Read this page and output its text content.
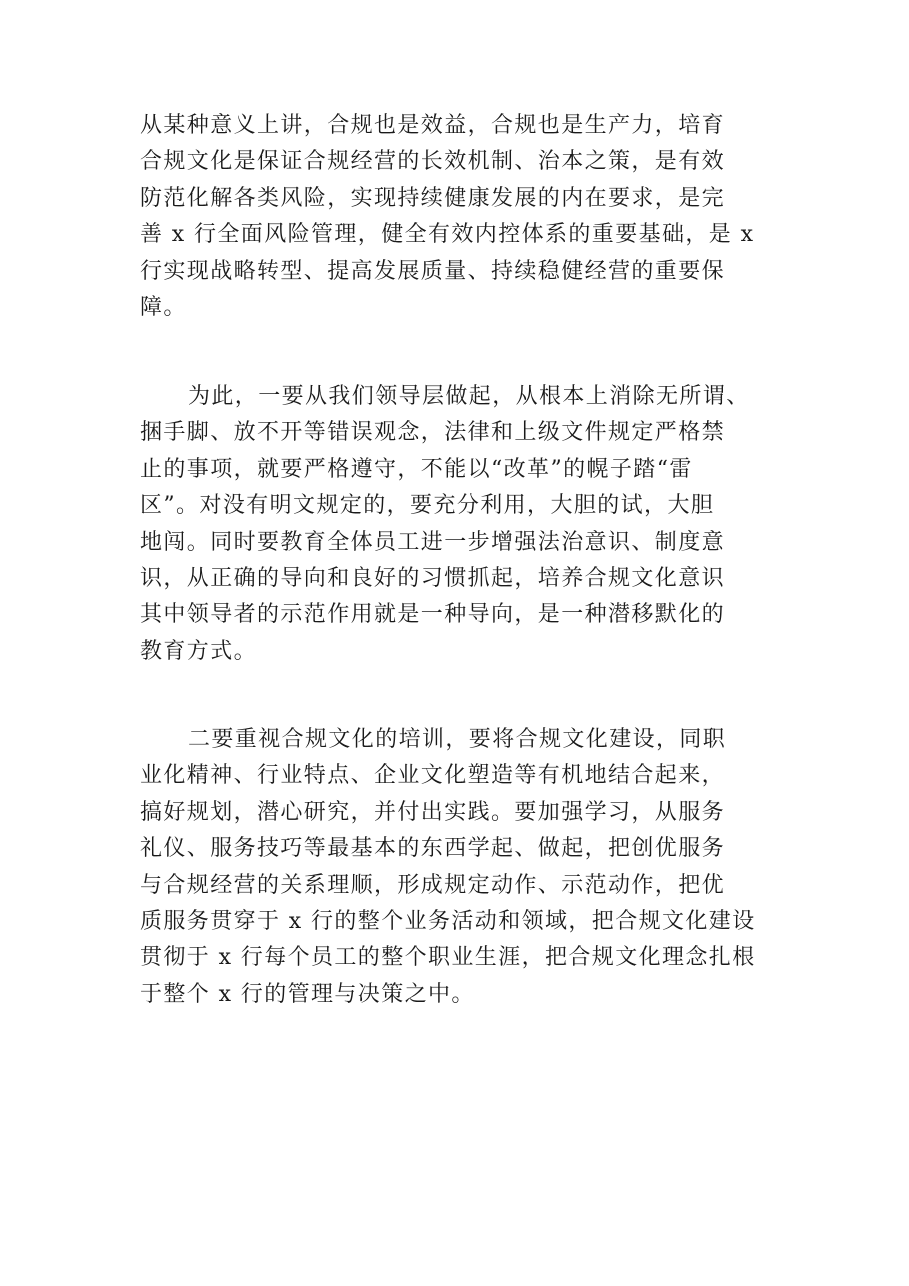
从某种意义上讲，合规也是效益，合规也是生产力，培育
合规文化是保证合规经营的长效机制、治本之策，是有效
防范化解各类风险，实现持续健康发展的内在要求，是完
善 x 行全面风险管理，健全有效内控体系的重要基础，是 x
行实现战略转型、提高发展质量、持续稳健经营的重要保
障。

为此，一要从我们领导层做起，从根本上消除无所谓、
捆手脚、放不开等错误观念，法律和上级文件规定严格禁
止的事项，就要严格遵守，不能以“改革”的幌子踏“雷
区”。对没有明文规定的，要充分利用，大胆的试，大胆
地闯。同时要教育全体员工进一步增强法治意识、制度意
识，从正确的导向和良好的习惯抓起，培养合规文化意识
其中领导者的示范作用就是一种导向，是一种潜移默化的
教育方式。

二要重视合规文化的培训，要将合规文化建设，同职
业化精神、行业特点、企业文化塑造等有机地结合起来，
搞好规划，潜心研究，并付出实践。要加强学习，从服务
礼仪、服务技巧等最基本的东西学起、做起，把创优服务
与合规经营的关系理顺，形成规定动作、示范动作，把优
质服务贯穿于 x 行的整个业务活动和领域，把合规文化建设
贯彻于 x 行每个员工的整个职业生涯，把合规文化理念扎根
于整个 x 行的管理与决策之中。
